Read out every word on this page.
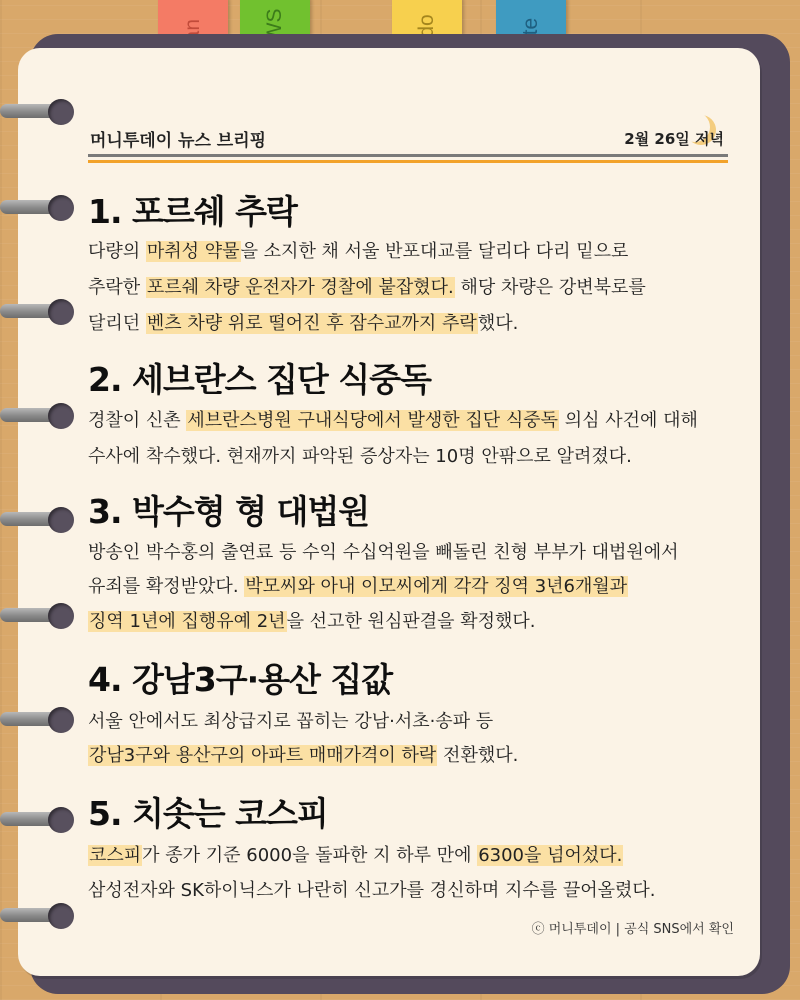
머니투데이 뉴스 브리핑	2월 26일 저녁
1. 포르쉐 추락
다량의 마취성 약물을 소지한 채 서울 반포대교를 달리다 다리 밑으로
추락한 포르쉐 차량 운전자가 경찰에 붙잡혔다. 해당 차량은 강변북로를
달리던 벤츠 차량 위로 떨어진 후 잠수교까지 추락했다.
2. 세브란스 집단 식중독
경찰이 신촌 세브란스병원 구내식당에서 발생한 집단 식중독 의심 사건에 대해
수사에 착수했다. 현재까지 파악된 증상자는 10명 안팎으로 알려졌다.
3. 박수형 형 대법원
방송인 박수홍의 출연료 등 수익 수십억원을 빼돌린 친형 부부가 대법원에서
유죄를 확정받았다. 박모씨와 아내 이모씨에게 각각 징역 3년6개월과
징역 1년에 집행유예 2년을 선고한 원심판결을 확정했다.
4. 강남3구·용산 집값
서울 안에서도 최상급지로 꼽히는 강남·서초·송파 등
강남3구와 용산구의 아파트 매매가격이 하락 전환했다.
5. 치솟는 코스피
코스피가 종가 기준 6000을 돌파한 지 하루 만에 6300을 넘어섰다.
삼성전자와 SK하이닉스가 나란히 신고가를 경신하며 지수를 끌어올렸다.
ⓒ 머니투데이 | 공식 SNS에서 확인
